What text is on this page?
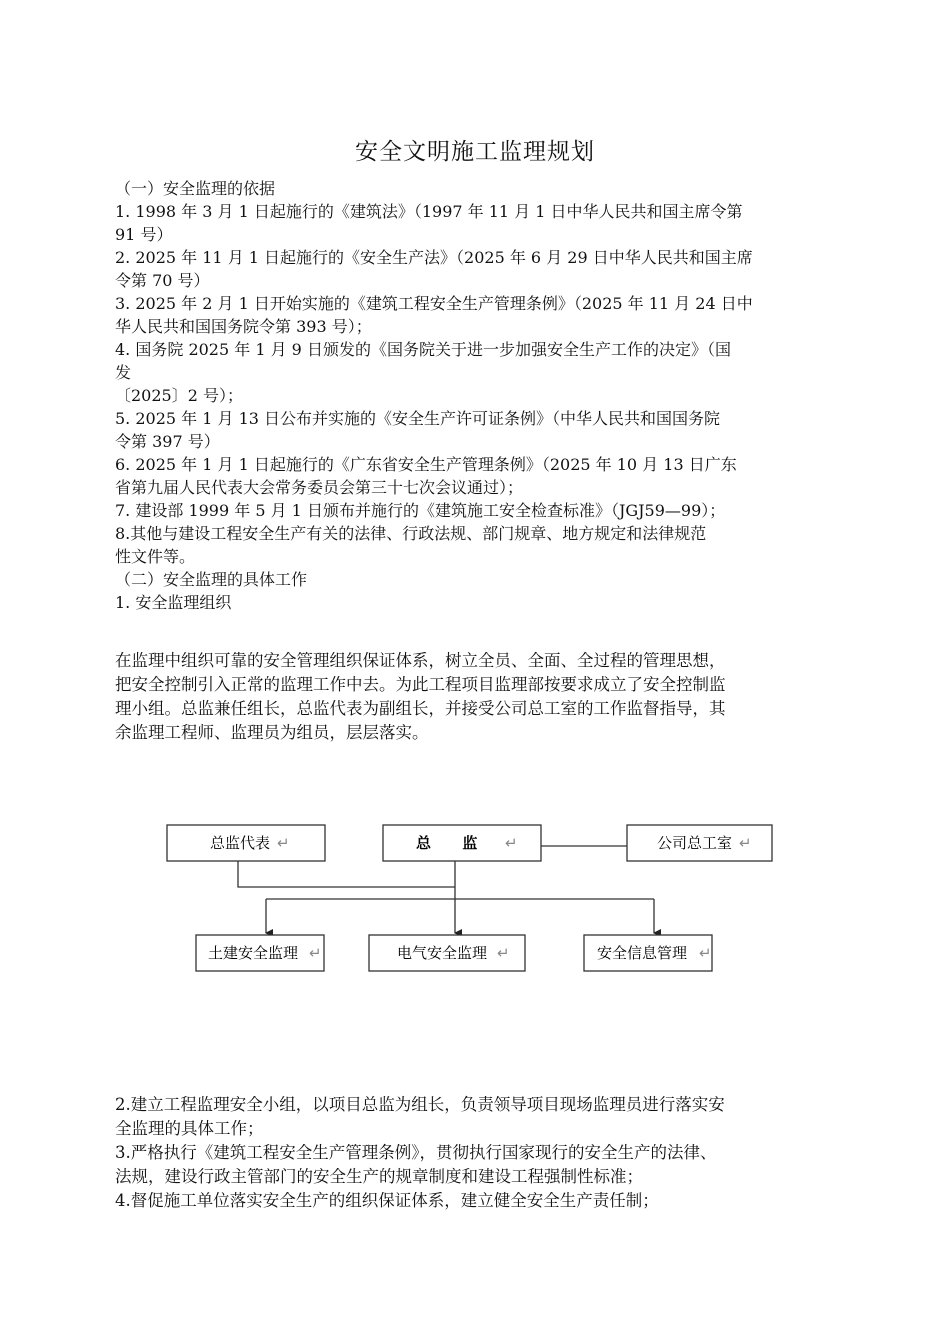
安全文明施工监理规划
（一）安全监理的依据
1. 1998 年 3 月 1 日起施行的《建筑法》（1997 年 11 月 1 日中华人民共和国主席令第
91 号）
2. 2025 年 11 月 1 日起施行的《安全生产法》（2025 年 6 月 29 日中华人民共和国主席
令第 70 号）
3. 2025 年 2 月 1 日开始实施的《建筑工程安全生产管理条例》（2025 年 11 月 24 日中
华人民共和国国务院令第 393 号）；
4. 国务院 2025 年 1 月 9 日颁发的《国务院关于进一步加强安全生产工作的决定》（国
发
〔2025〕2 号）；
5. 2025 年 1 月 13 日公布并实施的《安全生产许可证条例》（中华人民共和国国务院
令第 397 号）
6. 2025 年 1 月 1 日起施行的《广东省安全生产管理条例》（2025 年 10 月 13 日广东
省第九届人民代表大会常务委员会第三十七次会议通过）；
7. 建设部 1999 年 5 月 1 日颁布并施行的《建筑施工安全检查标准》（JGJ59—99）；
8.其他与建设工程安全生产有关的法律、行政法规、部门规章、地方规定和法律规范
性文件等。
（二）安全监理的具体工作
1. 安全监理组织
在监理中组织可靠的安全管理组织保证体系，树立全员、全面、全过程的管理思想，
把安全控制引入正常的监理工作中去。为此工程项目监理部按要求成立了安全控制监
理小组。总监兼任组长，总监代表为副组长，并接受公司总工室的工作监督指导，其
余监理工程师、监理员为组员，层层落实。
总监代表 ↵	总      监 ↵	公司总工室 ↵
土建安全监理 ↵	电气安全监理 ↵	安全信息管理 ↵
2.建立工程监理安全小组，以项目总监为组长，负责领导项目现场监理员进行落实安
全监理的具体工作；
3.严格执行《建筑工程安全生产管理条例》，贯彻执行国家现行的安全生产的法律、
法规，建设行政主管部门的安全生产的规章制度和建设工程强制性标准；
4.督促施工单位落实安全生产的组织保证体系，建立健全安全生产责任制；
